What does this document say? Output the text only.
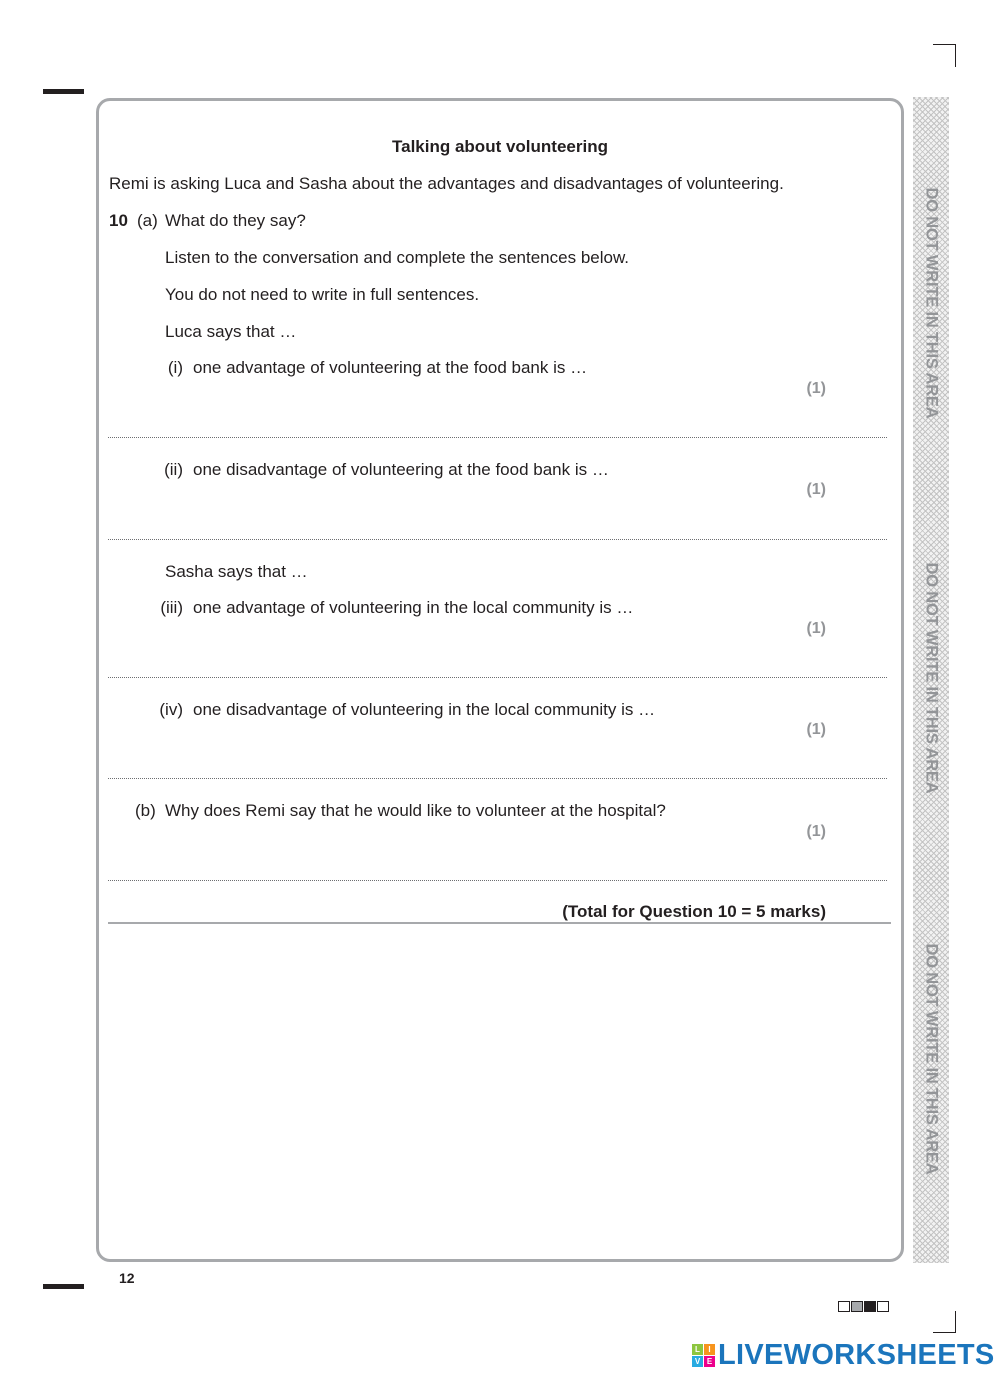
DO NOT WRITE IN THIS AREA
DO NOT WRITE IN THIS AREA
DO NOT WRITE IN THIS AREA
Talking about volunteering
Remi is asking Luca and Sasha about the advantages and disadvantages of volunteering.
10 (a) What do they say?
Listen to the conversation and complete the sentences below.
You do not need to write in full sentences.
Luca says that …
(i) one advantage of volunteering at the food bank is …
(1)
(ii) one disadvantage of volunteering at the food bank is …
(1)
Sasha says that …
(iii) one advantage of volunteering in the local community is …
(1)
(iv) one disadvantage of volunteering in the local community is …
(1)
(b) Why does Remi say that he would like to volunteer at the hospital?
(1)
(Total for Question 10 = 5 marks)
12
L	I
V E LIVEWORKSHEETS
